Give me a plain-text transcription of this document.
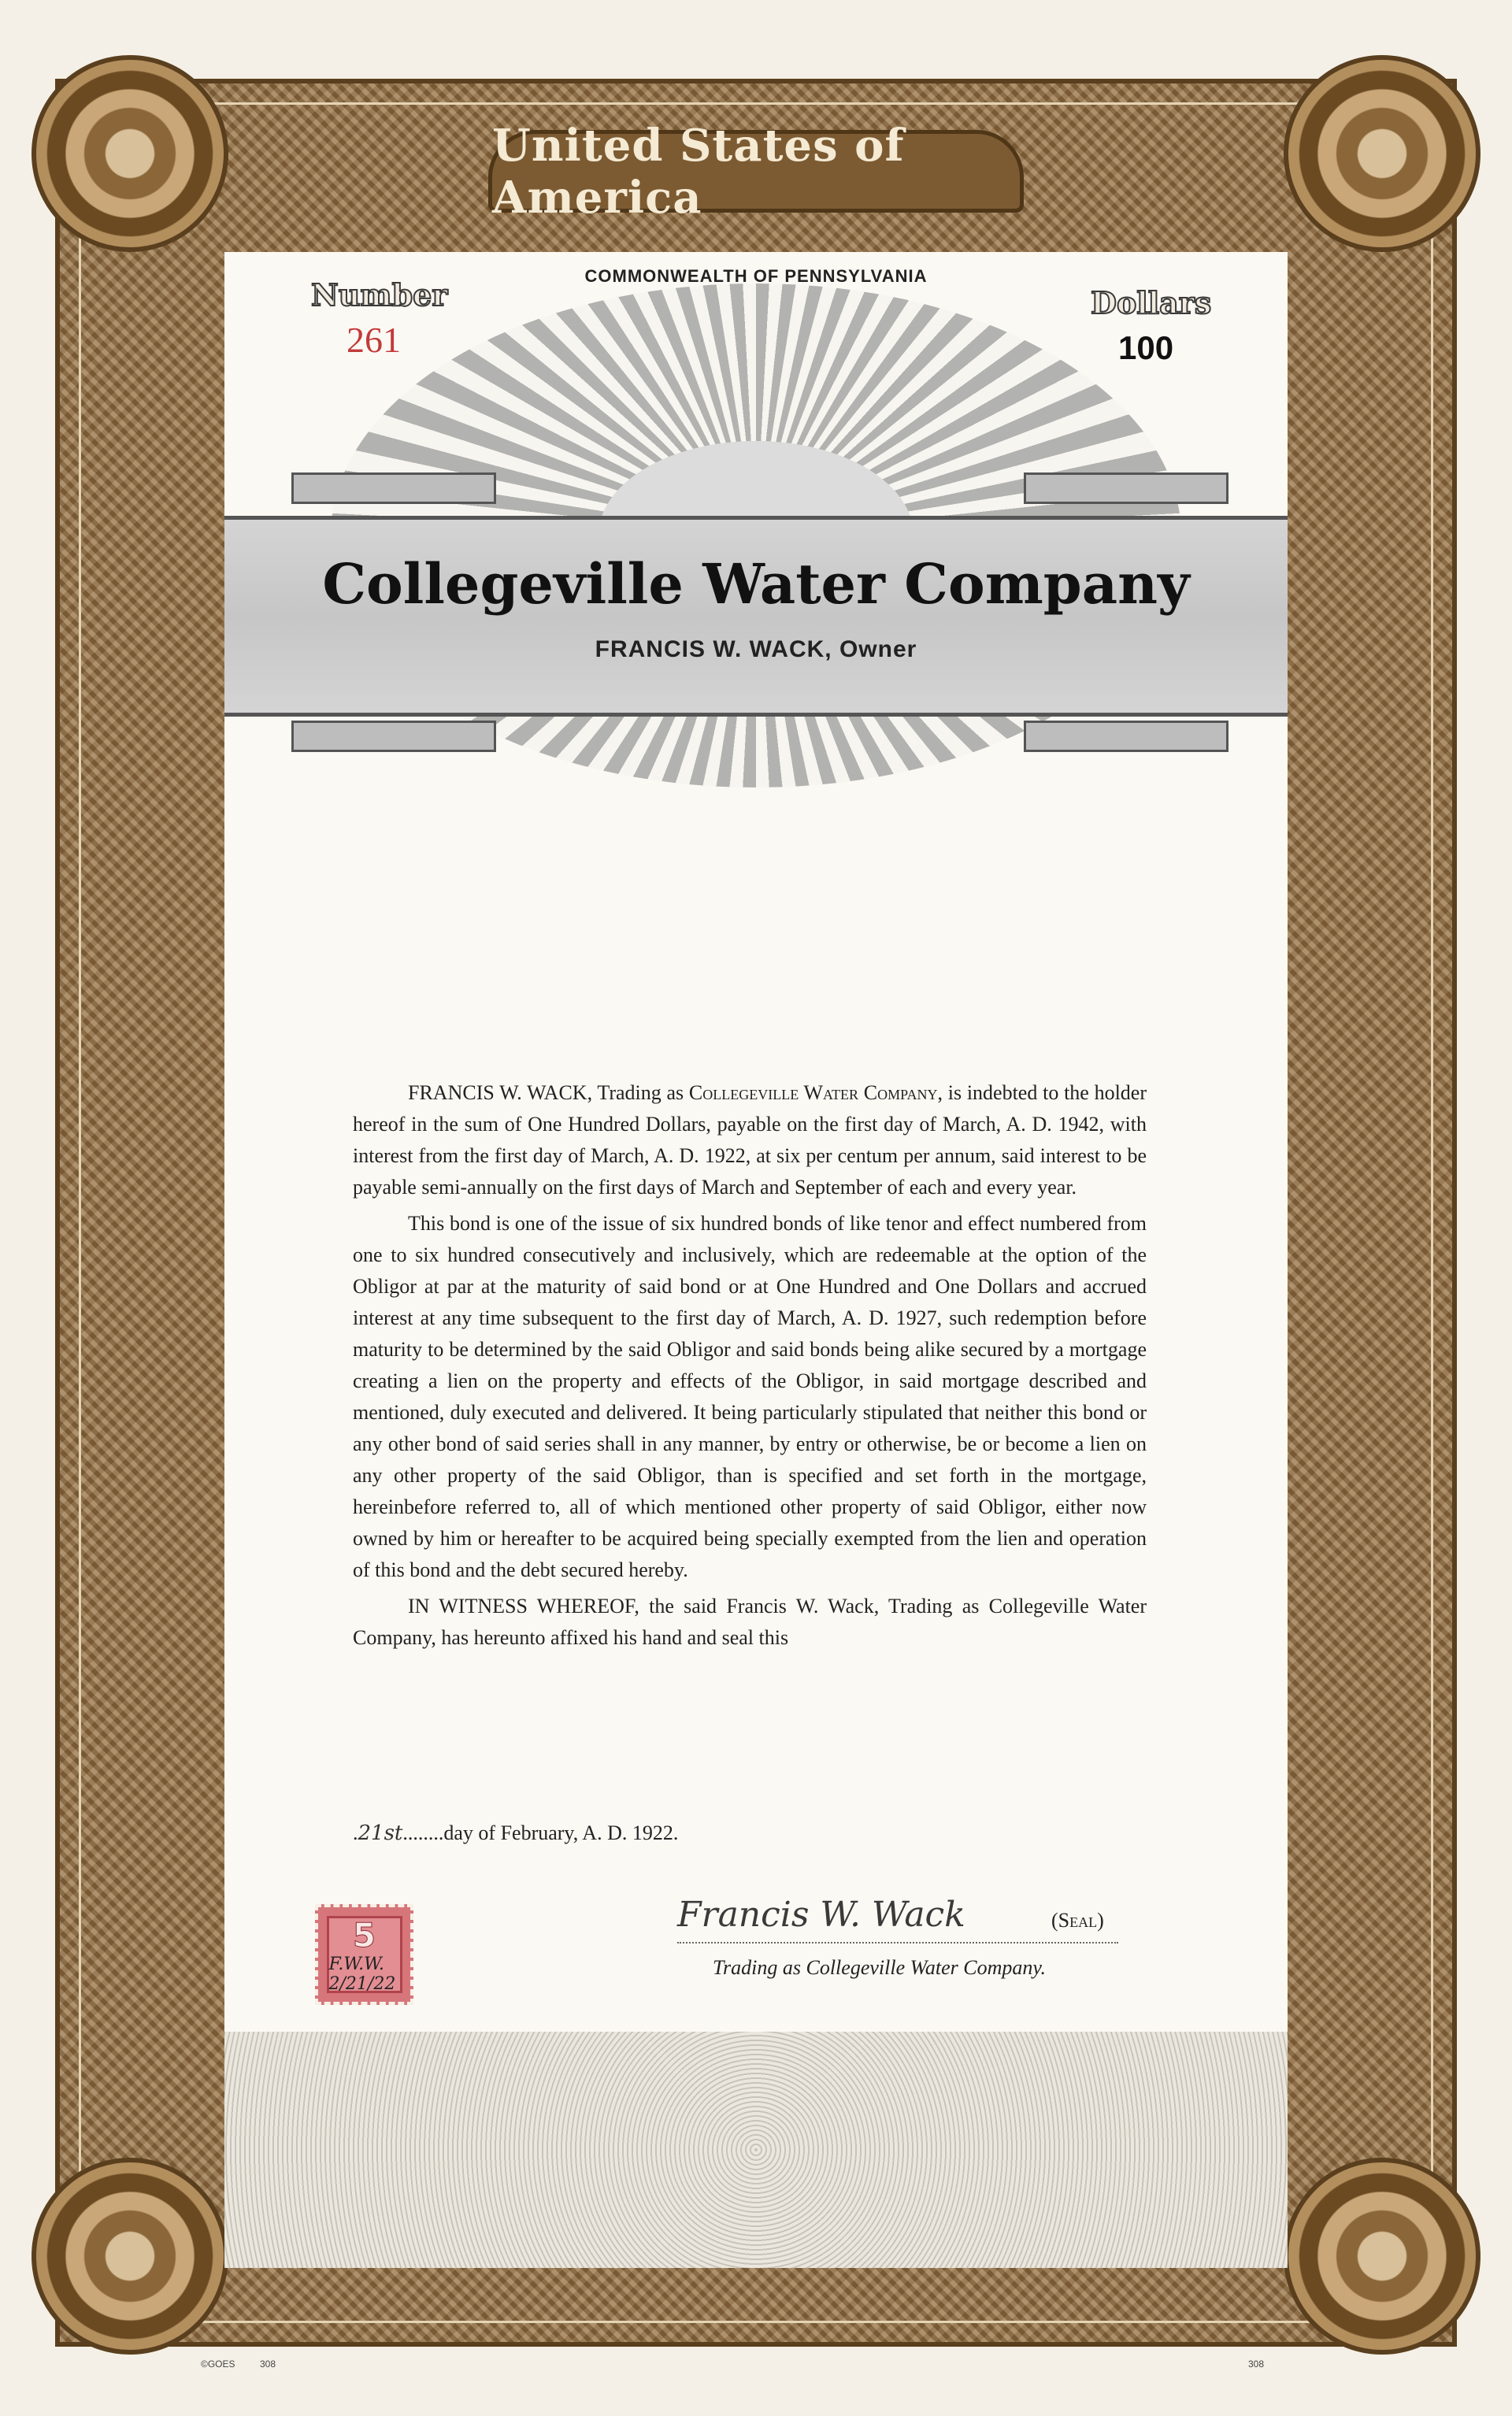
United States of America
COMMONWEALTH OF PENNSYLVANIA
Number
261
Dollars
100
Collegeville Water Company
FRANCIS W. WACK, Owner

FRANCIS W. WACK, Trading as Collegeville Water Company, is indebted to the holder hereof in the sum of One Hundred Dollars, payable on the first day of March, A. D. 1942, with interest from the first day of March, A. D. 1922, at six per centum per annum, said interest to be payable semi-annually on the first days of March and September of each and every year.

This bond is one of the issue of six hundred bonds of like tenor and effect numbered from one to six hundred consecutively and inclusively, which are redeemable at the option of the Obligor at par at the maturity of said bond or at One Hundred and One Dollars and accrued interest at any time subsequent to the first day of March, A. D. 1927, such redemption before maturity to be determined by the said Obligor and said bonds being alike secured by a mortgage creating a lien on the property and effects of the Obligor, in said mortgage described and mentioned, duly executed and delivered. It being particularly stipulated that neither this bond or any other bond of said series shall in any manner, by entry or otherwise, be or become a lien on any other property of the said Obligor, than is specified and set forth in the mortgage, hereinbefore referred to, all of which mentioned other property of said Obligor, either now owned by him or hereafter to be acquired being specially exempted from the lien and operation of this bond and the debt secured hereby.

IN WITNESS WHEREOF, the said Francis W. Wack, Trading as Collegeville Water Company, has hereunto affixed his hand and seal this

.21st........day of February, A. D. 1922.
5
F.W.W. 2/21/22
Francis W. Wack	(Seal)
Trading as Collegeville Water Company.
©GOES	308	308
